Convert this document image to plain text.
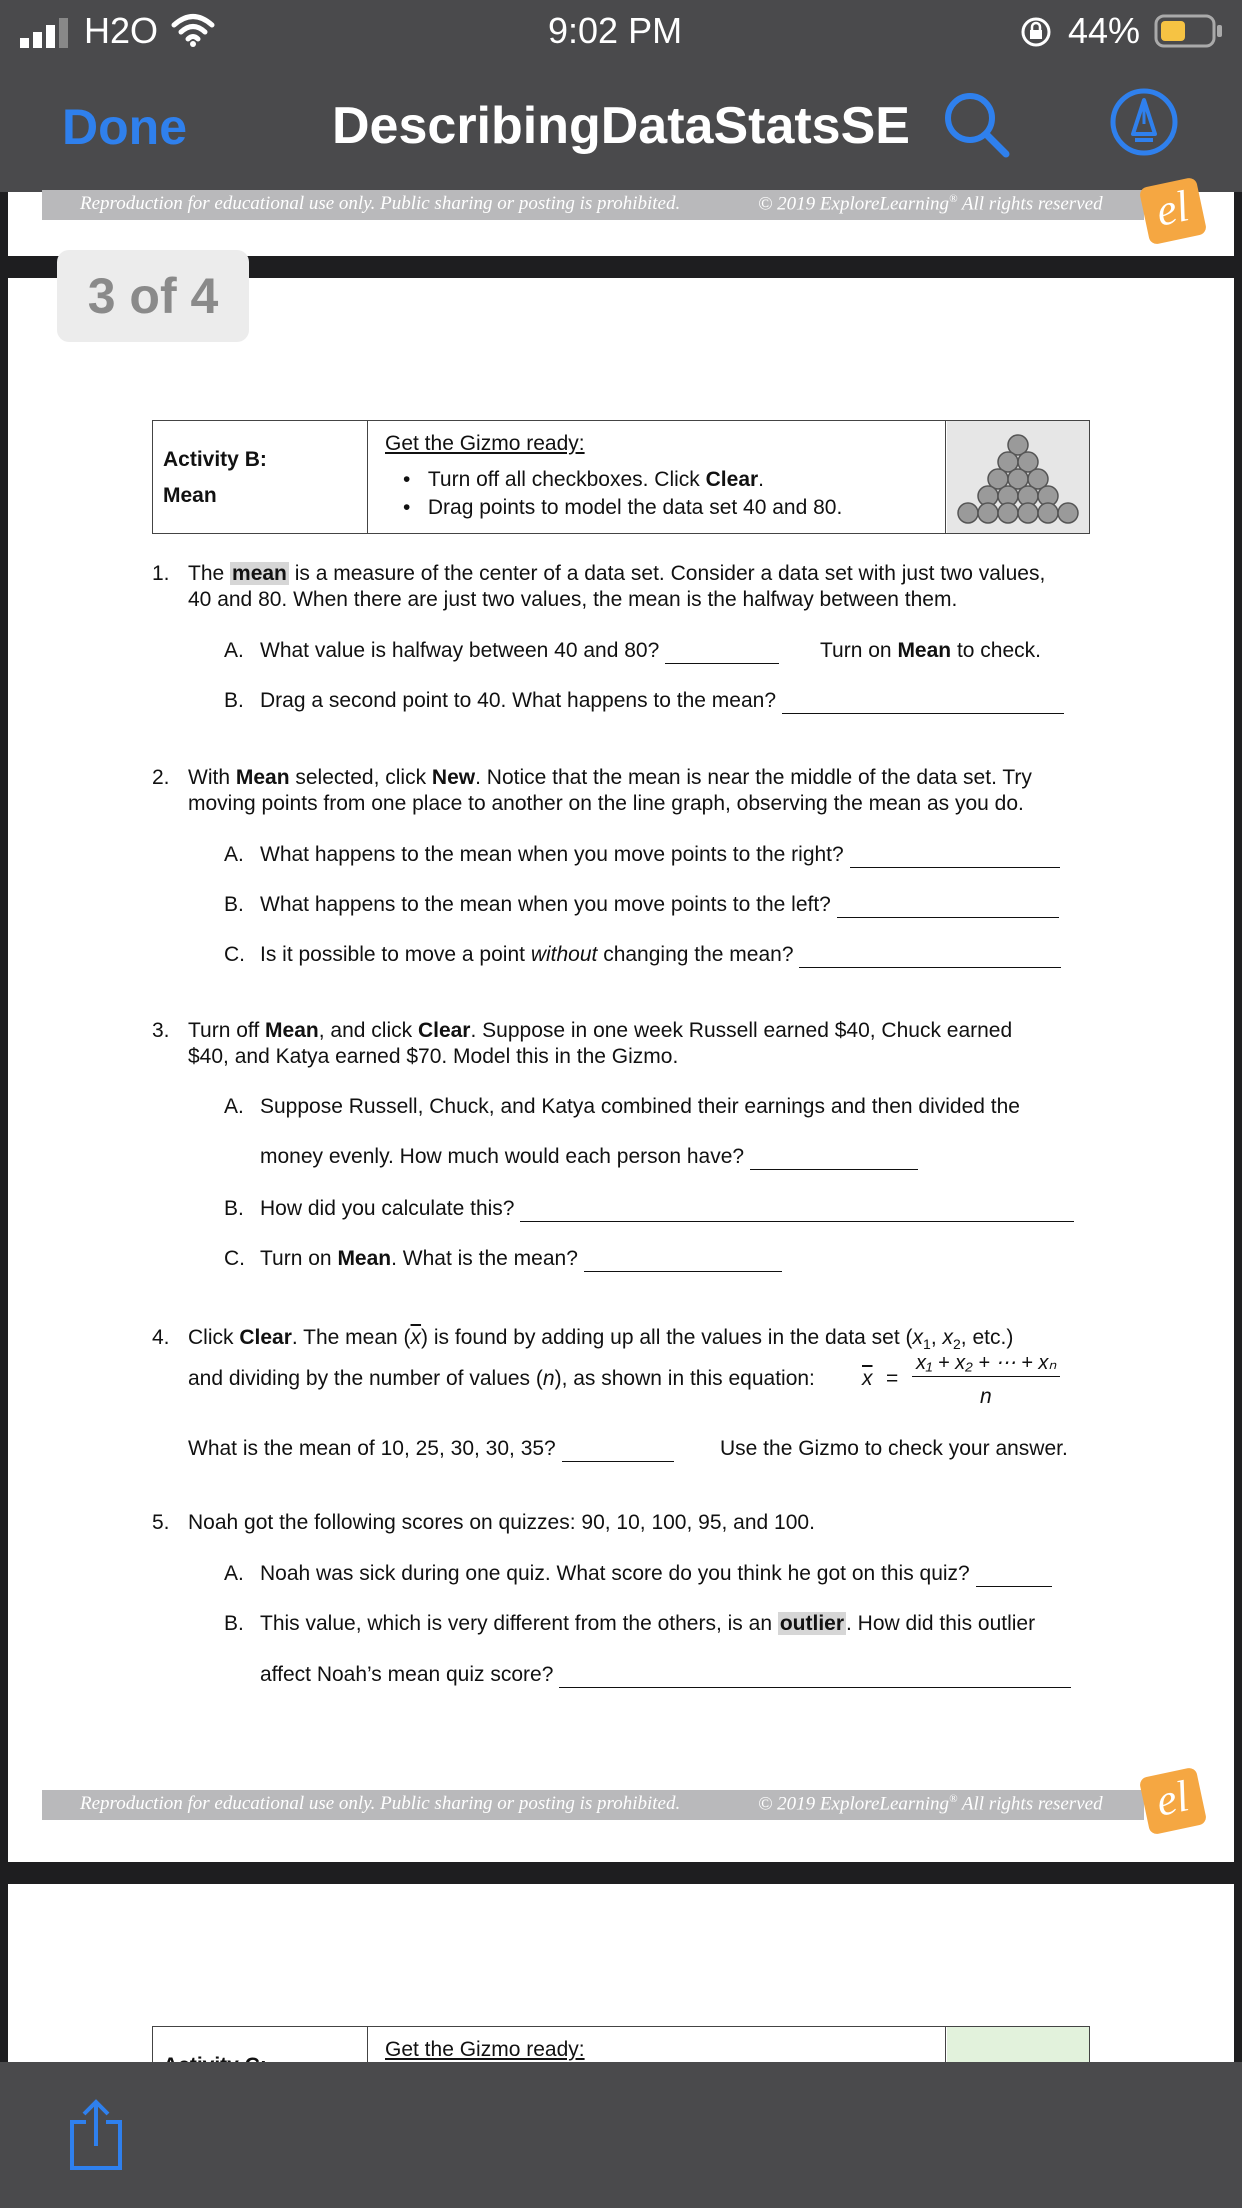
H2O	9:02 PM	44%
Done	DescribingDataStatsSE
Reproduction for educational use only. Public sharing or posting is prohibited.	© 2019 ExploreLearning® All rights reserved	el
Activity B:
Mean
Get the Gizmo ready:
•   Turn off all checkboxes. Click Clear.
•   Drag points to model the data set 40 and 80.
1. The mean is a measure of the center of a data set. Consider a data set with just two values,
40 and 80. When there are just two values, the mean is the halfway between them.
A. What value is halfway between 40 and 80?	Turn on Mean to check.
B. Drag a second point to 40. What happens to the mean?
2. With Mean selected, click New. Notice that the mean is near the middle of the data set. Try
moving points from one place to another on the line graph, observing the mean as you do.
A. What happens to the mean when you move points to the right?
B. What happens to the mean when you move points to the left?
C. Is it possible to move a point without changing the mean?
3. Turn off Mean, and click Clear. Suppose in one week Russell earned $40, Chuck earned
$40, and Katya earned $70. Model this in the Gizmo.
A. Suppose Russell, Chuck, and Katya combined their earnings and then divided the
money evenly. How much would each person have?
B. How did you calculate this?
C. Turn on Mean. What is the mean?
4. Click Clear. The mean $(\overline{x})$ is found by adding up all the values in the data set ($x_1$, $x_2$, etc.)
and dividing by the number of values (n), as shown in this equation: $\overline{x}$ =
x₁ + x₂ + ⋯ + xₙ
n
What is the mean of 10, 25, 30, 30, 35?	Use the Gizmo to check your answer.
5. Noah got the following scores on quizzes: 90, 10, 100, 95, and 100.
A. Noah was sick during one quiz. What score do you think he got on this quiz?
B. This value, which is very different from the others, is an outlier. How did this outlier
affect Noah’s mean quiz score?
Reproduction for educational use only. Public sharing or posting is prohibited.	© 2019 ExploreLearning® All rights reserved	el
3 of 4
Get the Gizmo ready:
